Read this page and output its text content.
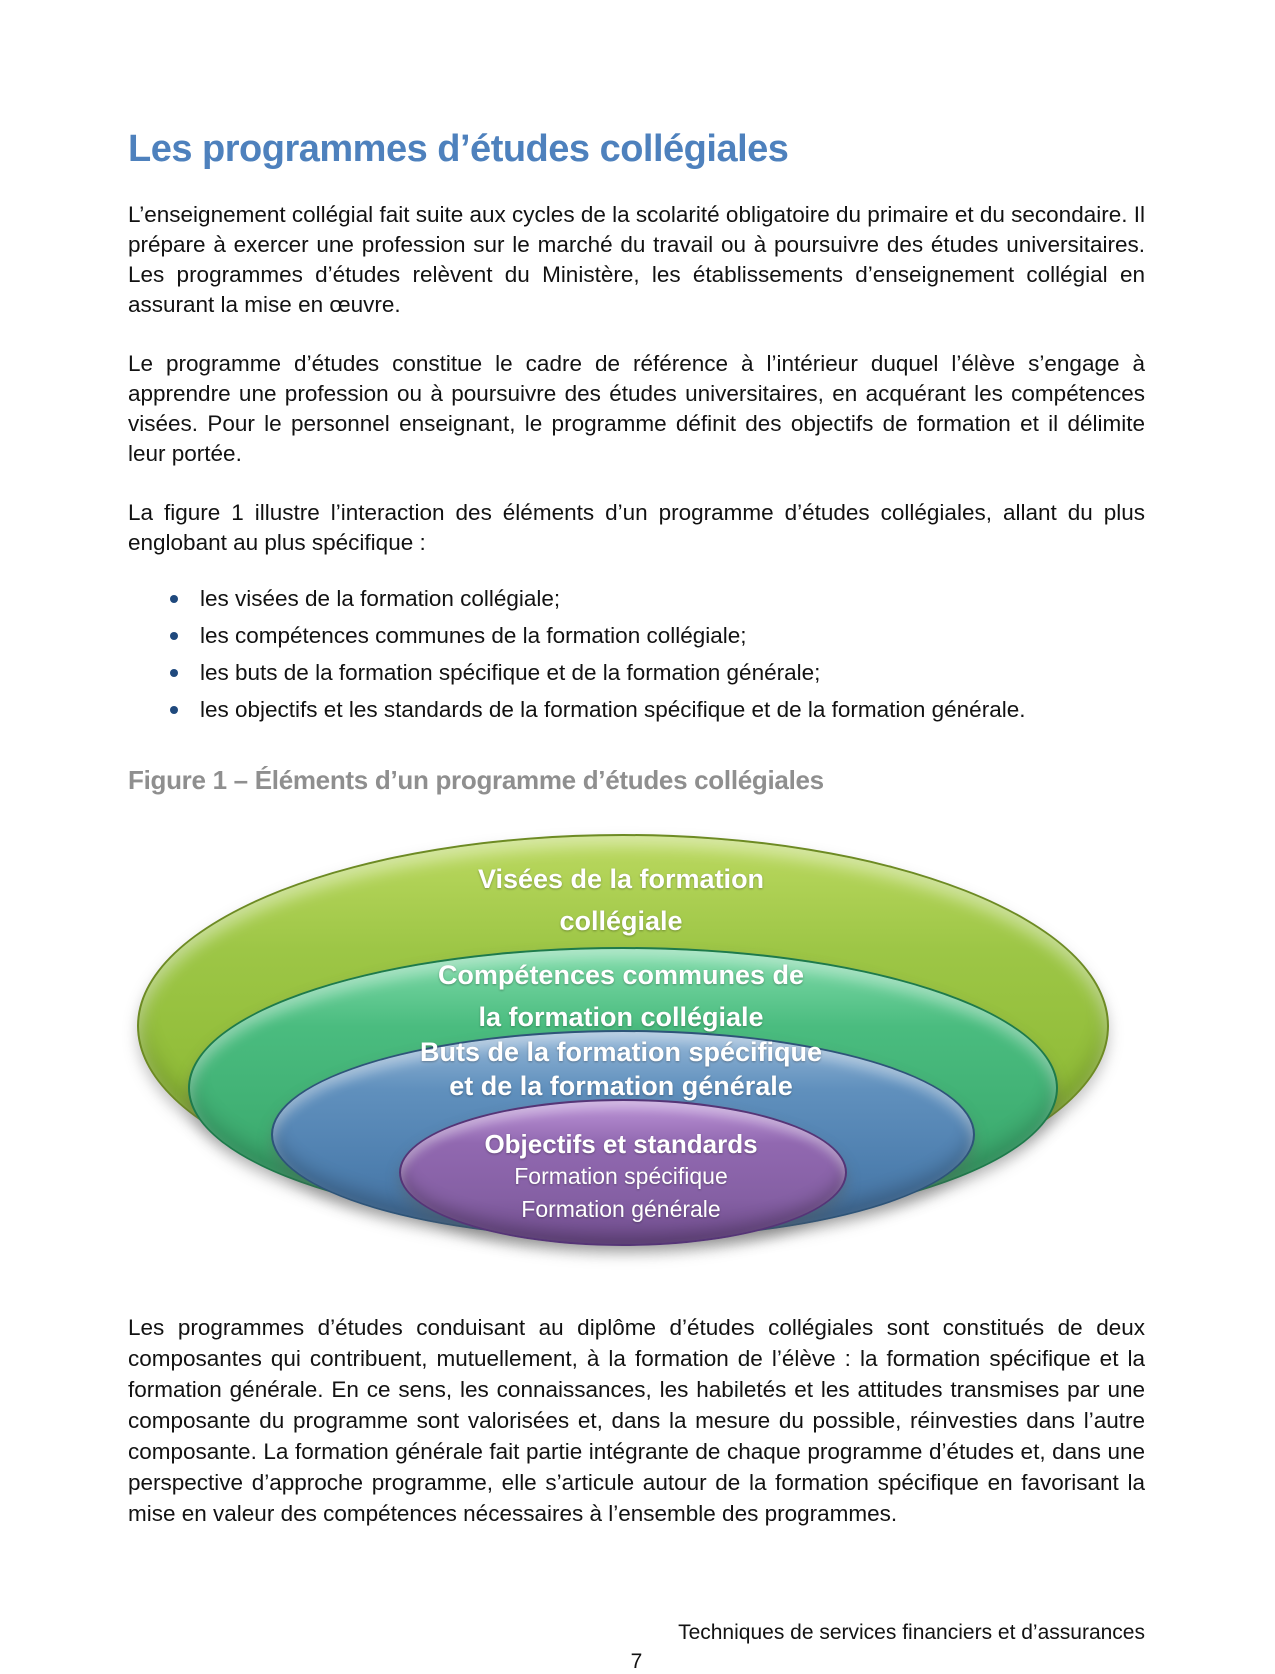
Les programmes d’études collégiales

L’enseignement collégial fait suite aux cycles de la scolarité obligatoire du primaire et du secondaire. Il prépare à exercer une profession sur le marché du travail ou à poursuivre des études universitaires. Les programmes d’études relèvent du Ministère, les établissements d’enseignement collégial en assurant la mise en œuvre.

Le programme d’études constitue le cadre de référence à l’intérieur duquel l’élève s’engage à apprendre une profession ou à poursuivre des études universitaires, en acquérant les compétences visées. Pour le personnel enseignant, le programme définit des objectifs de formation et il délimite leur portée.

La figure 1 illustre l’interaction des éléments d’un programme d’études collégiales, allant du plus englobant au plus spécifique :

les visées de la formation collégiale;
les compétences communes de la formation collégiale;
les buts de la formation spécifique et de la formation générale;
les objectifs et les standards de la formation spécifique et de la formation générale.
Figure 1 – Éléments d’un programme d’études collégiales
Visées de la formation
collégiale
Compétences communes de
la formation collégiale
Buts de la formation spécifique
et de la formation générale
Objectifs et standards
Formation spécifique
Formation générale

Les programmes d’études conduisant au diplôme d’études collégiales sont constitués de deux composantes qui contribuent, mutuellement, à la formation de l’élève : la formation spécifique et la formation générale. En ce sens, les connaissances, les habiletés et les attitudes transmises par une composante du programme sont valorisées et, dans la mesure du possible, réinvesties dans l’autre composante. La formation générale fait partie intégrante de chaque programme d’études et, dans une perspective d’approche programme, elle s’articule autour de la formation spécifique en favorisant la mise en valeur des compétences nécessaires à l’ensemble des programmes.

Techniques de services financiers et d’assurances
7
